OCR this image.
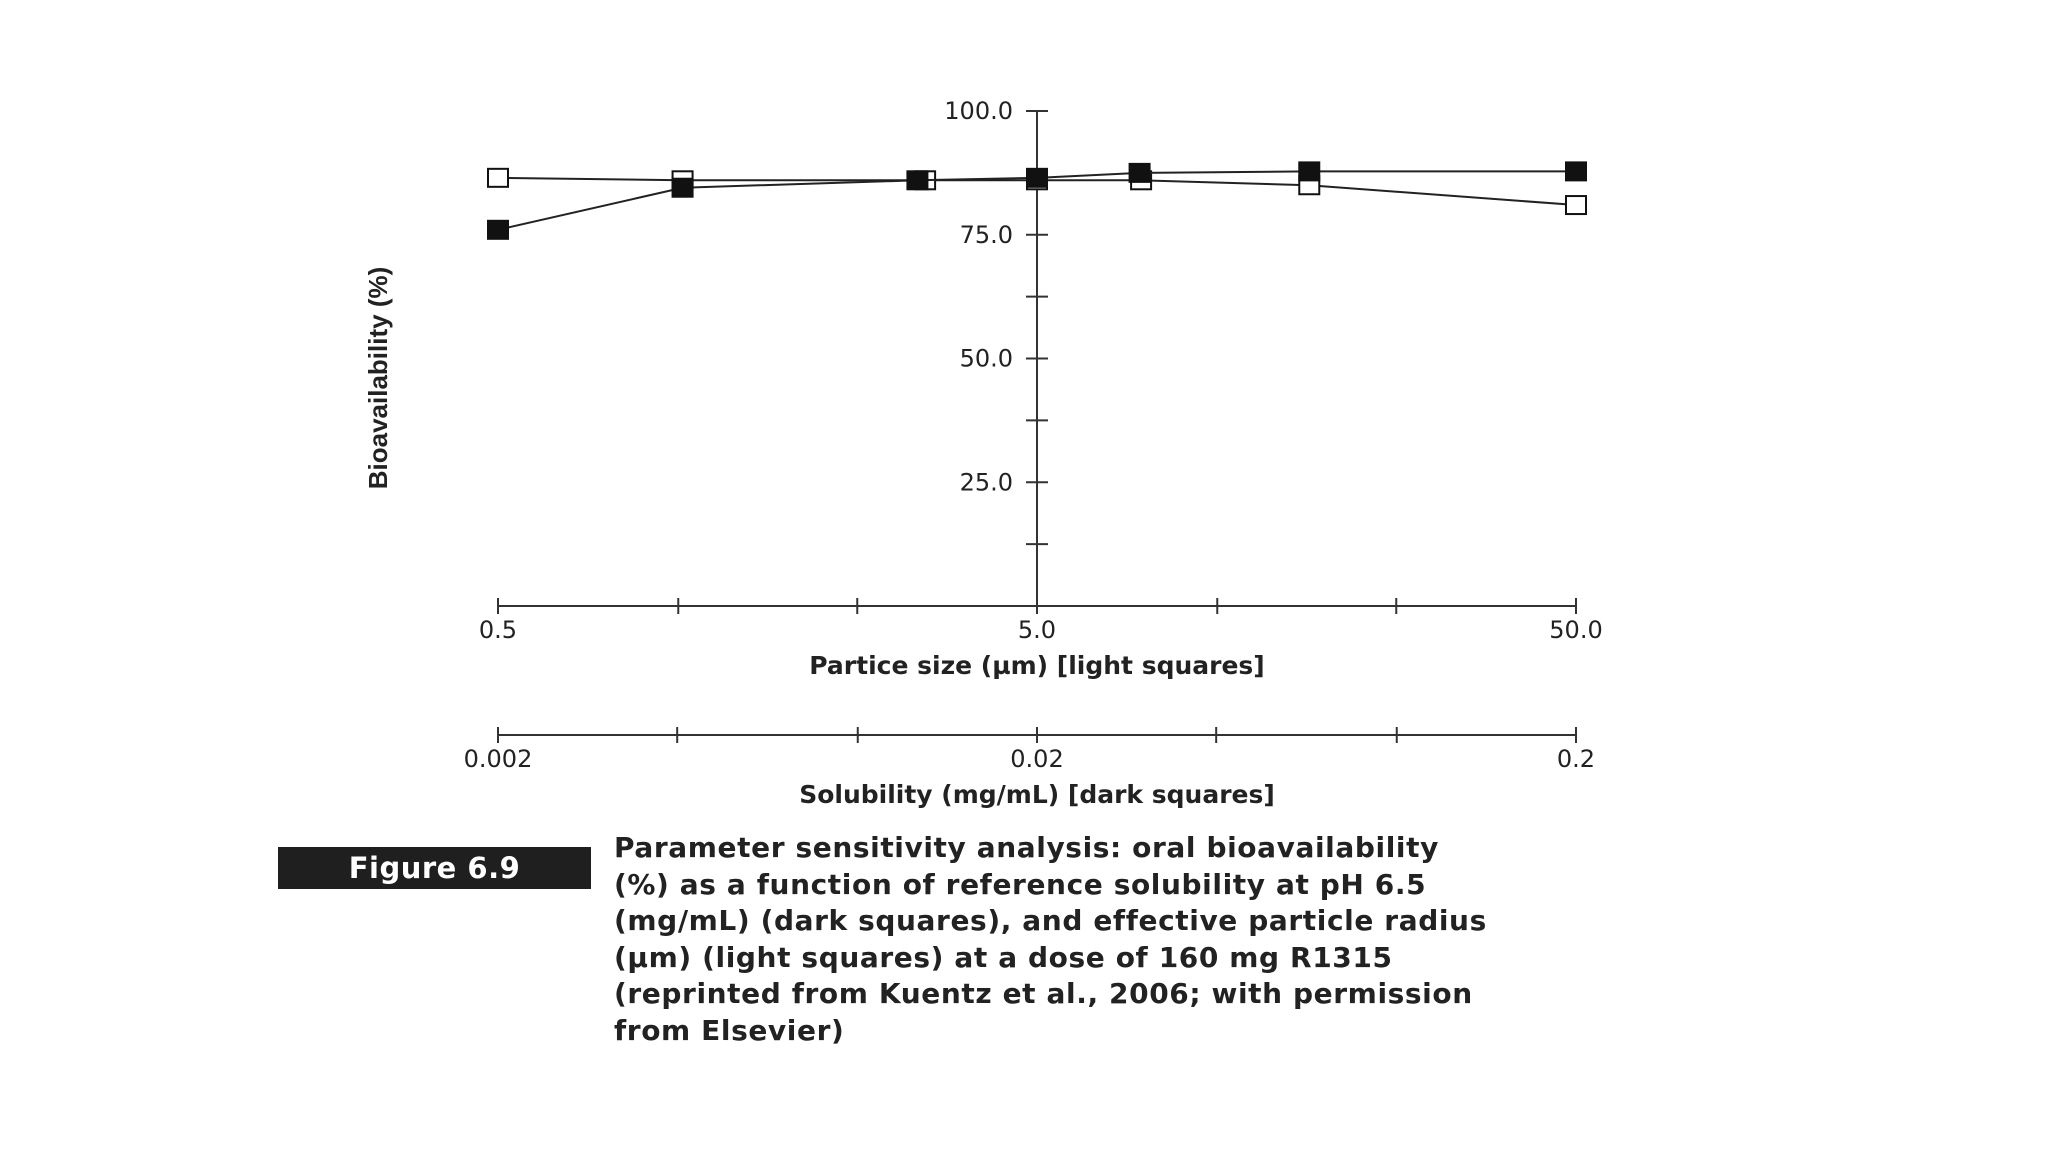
100.0
75.0
50.0
25.0
0.5	5.0	50.0
Partice size (µm) [light squares]
0.002	0.02	0.2
Solubility (mg/mL) [dark squares]
Bioavailability (%)
Figure 6.9
Parameter sensitivity analysis: oral bioavailability
(%) as a function of reference solubility at pH 6.5
(mg/mL) (dark squares), and effective particle radius
(µm) (light squares) at a dose of 160 mg R1315
(reprinted from Kuentz et al., 2006; with permission
from Elsevier)
